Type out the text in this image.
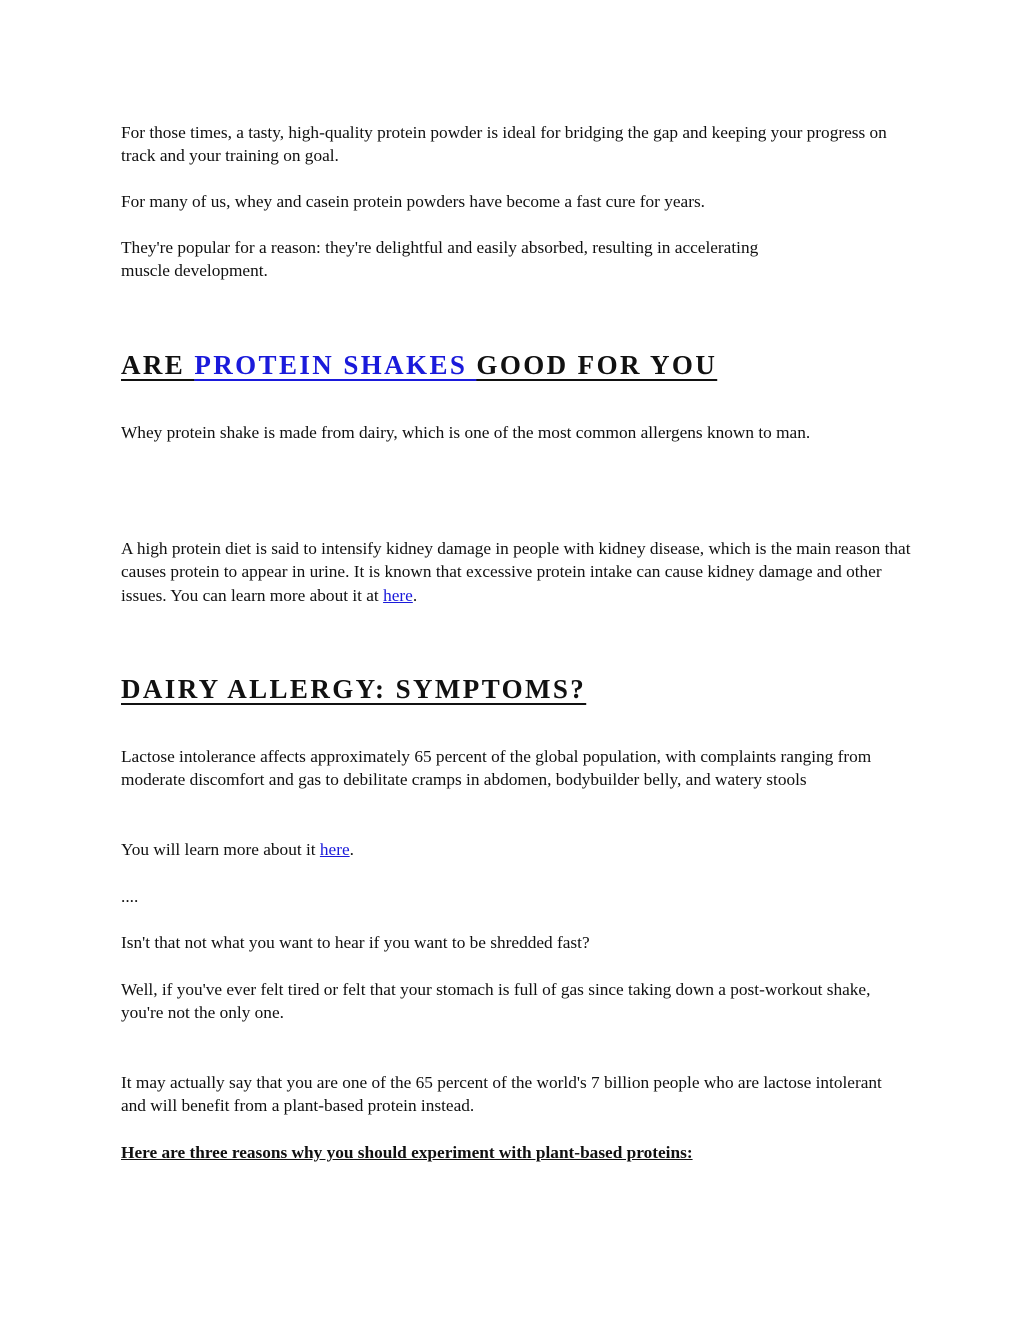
For those times, a tasty, high-quality protein powder is ideal for bridging the gap and keeping your progress on track and your training on goal.

For many of us, whey and casein protein powders have become a fast cure for years.

They're popular for a reason: they're delightful and easily absorbed, resulting in accelerating muscle development.

ARE PROTEIN SHAKES GOOD FOR YOU

Whey protein shake is made from dairy, which is one of the most common allergens known to man.

A high protein diet is said to intensify kidney damage in people with kidney disease, which is the main reason that causes protein to appear in urine. It is known that excessive protein intake can cause kidney damage and other issues. You can learn more about it at here.

DAIRY ALLERGY: SYMPTOMS?

Lactose intolerance affects approximately 65 percent of the global population, with complaints ranging from moderate discomfort and gas to debilitate cramps in abdomen, bodybuilder belly, and watery stools

You will learn more about it here.

....

Isn't that not what you want to hear if you want to be shredded fast?

Well, if you've ever felt tired or felt that your stomach is full of gas since taking down a post-workout shake, you're not the only one.

It may actually say that you are one of the 65 percent of the world's 7 billion people who are lactose intolerant and will benefit from a plant-based protein instead.

Here are three reasons why you should experiment with plant-based proteins:
